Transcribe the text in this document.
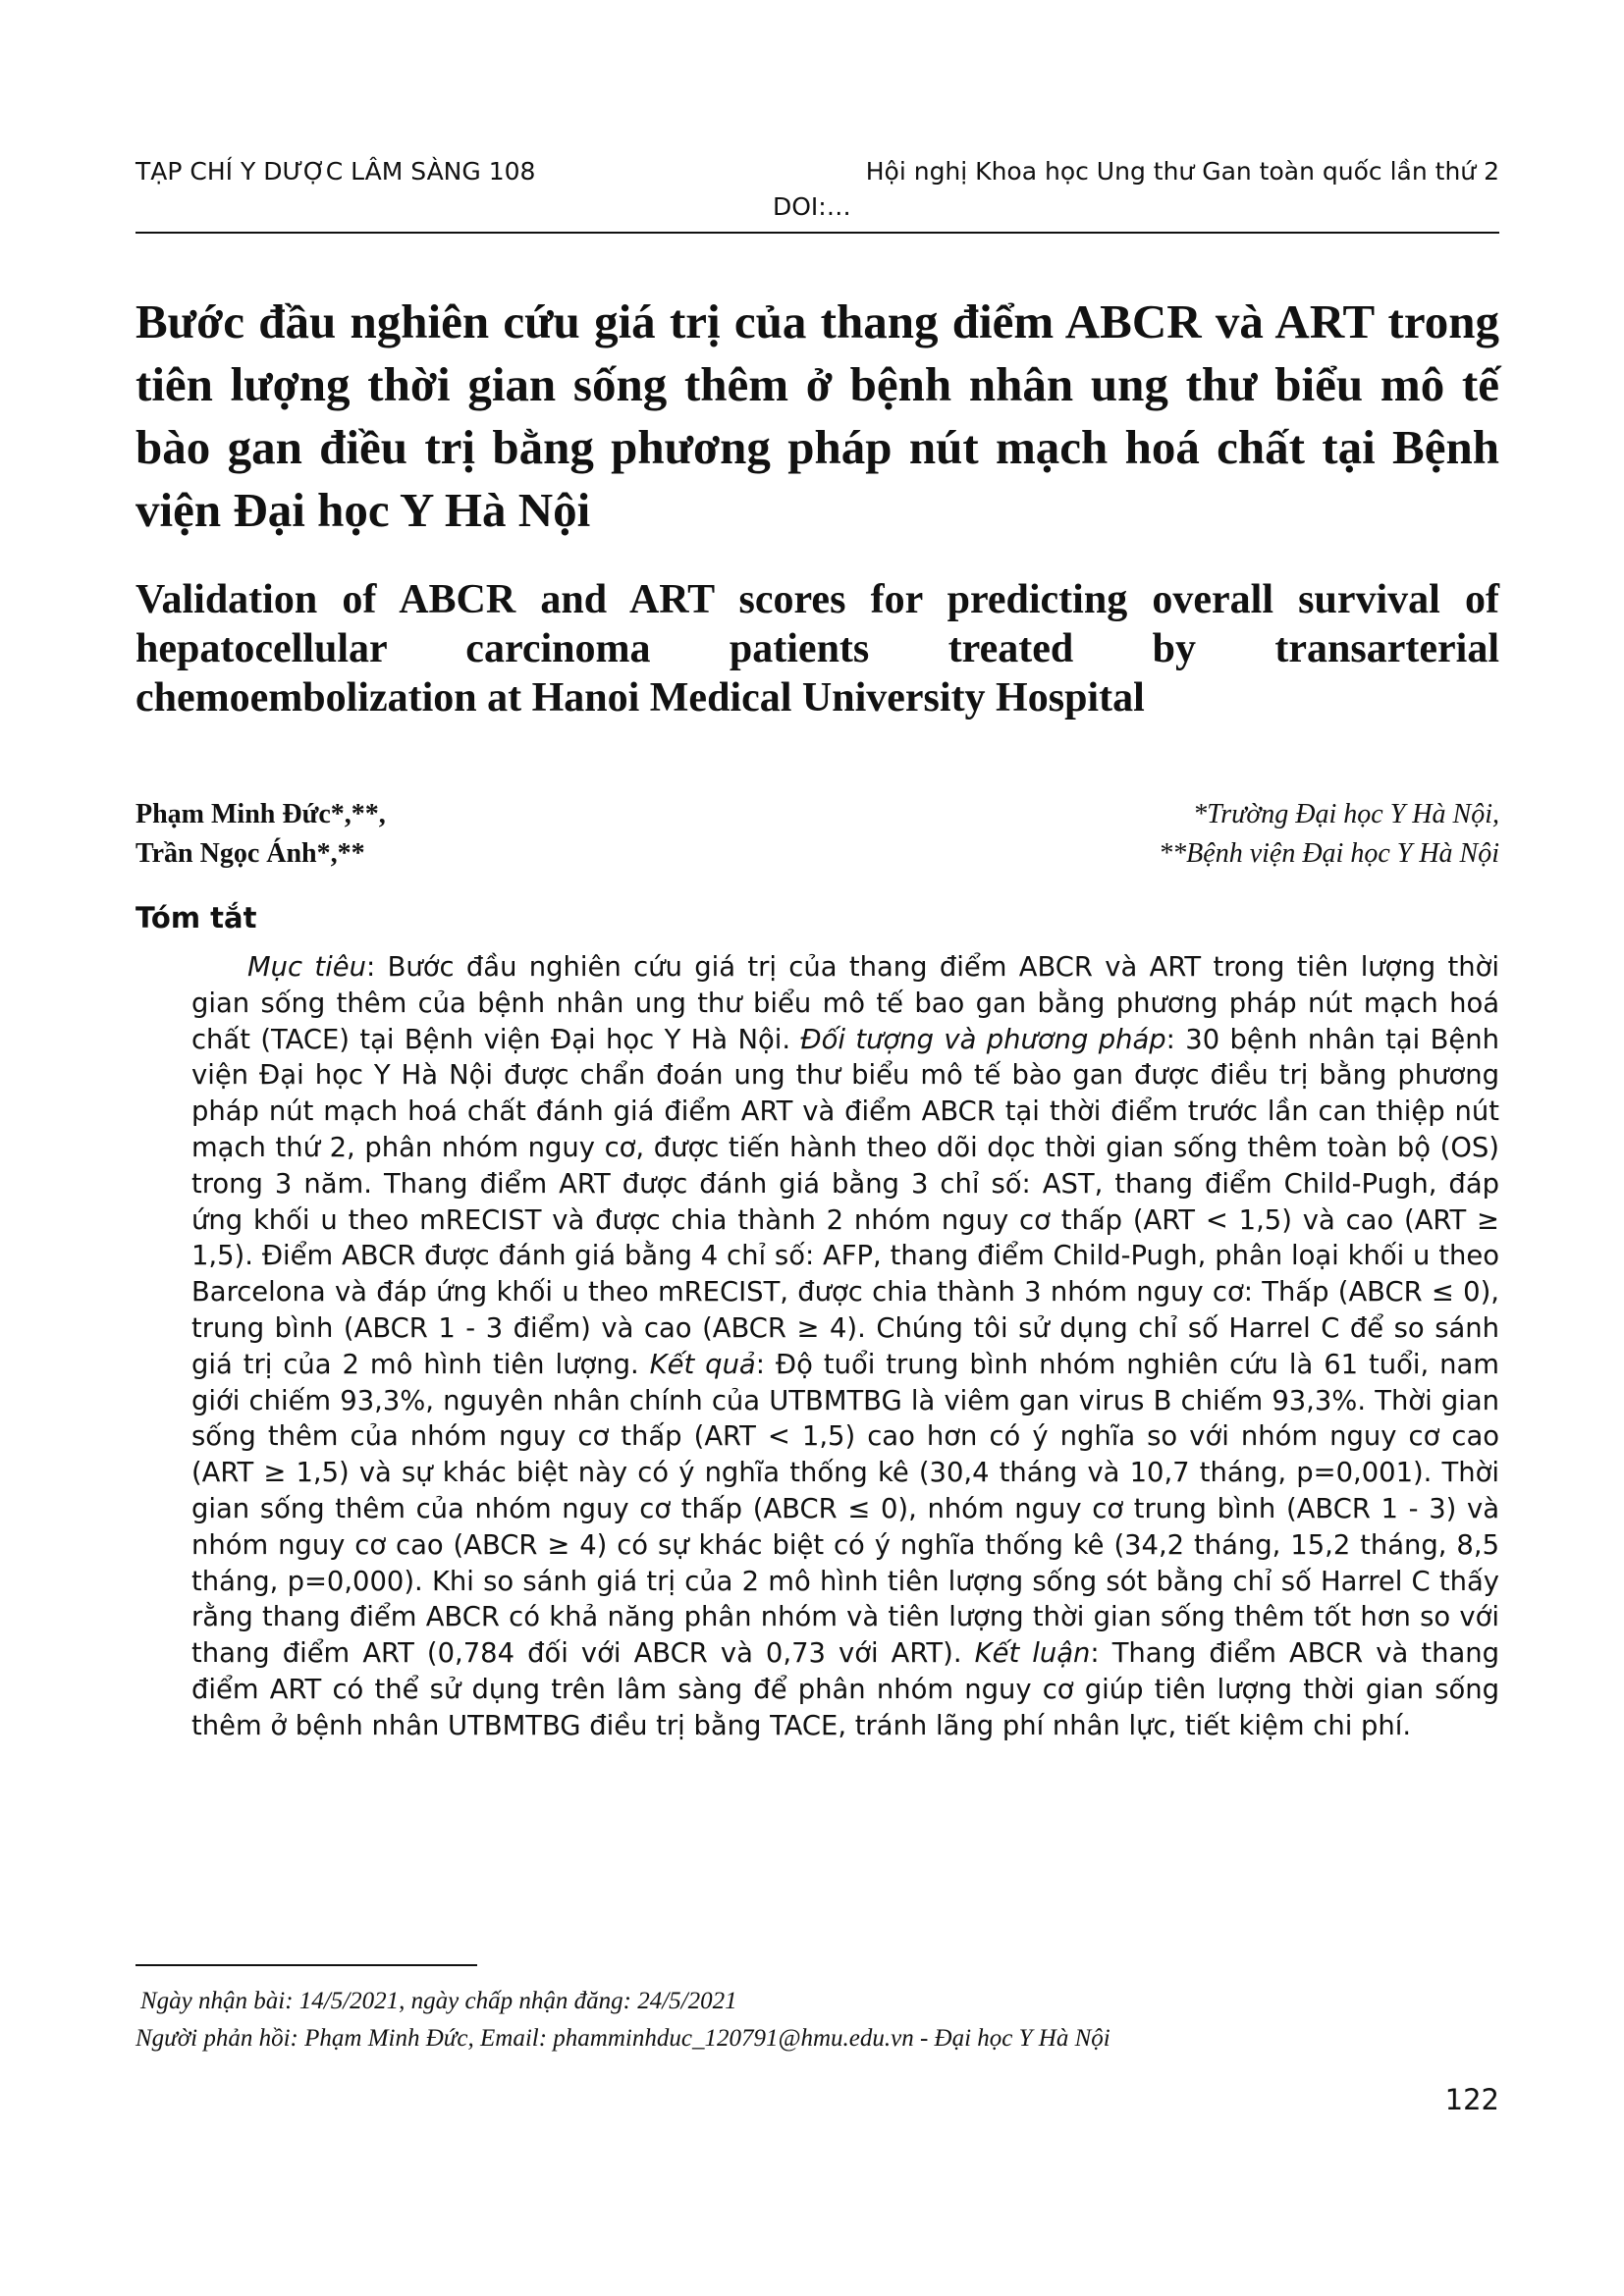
TẠP CHÍ Y DƯỢC LÂM SÀNG 108	Hội nghị Khoa học Ung thư Gan toàn quốc lần thứ 2
DOI:…
Bước đầu nghiên cứu giá trị của thang điểm ABCR và ART trong tiên lượng thời gian sống thêm ở bệnh nhân ung thư biểu mô tế bào gan điều trị bằng phương pháp nút mạch hoá chất tại Bệnh viện Đại học Y Hà Nội
Validation of ABCR and ART scores for predicting overall survival of hepatocellular carcinoma patients treated by transarterial chemoembolization at Hanoi Medical University Hospital
Phạm Minh Đức*,**,
Trần Ngọc Ánh*,**
*Trường Đại học Y Hà Nội,
**Bệnh viện Đại học Y Hà Nội
Tóm tắt

Mục tiêu: Bước đầu nghiên cứu giá trị của thang điểm ABCR và ART trong tiên lượng thời gian sống thêm của bệnh nhân ung thư biểu mô tế bao gan bằng phương pháp nút mạch hoá chất (TACE) tại Bệnh viện Đại học Y Hà Nội. Đối tượng và phương pháp: 30 bệnh nhân tại Bệnh viện Đại học Y Hà Nội được chẩn đoán ung thư biểu mô tế bào gan được điều trị bằng phương pháp nút mạch hoá chất đánh giá điểm ART và điểm ABCR tại thời điểm trước lần can thiệp nút mạch thứ 2, phân nhóm nguy cơ, được tiến hành theo dõi dọc thời gian sống thêm toàn bộ (OS) trong 3 năm. Thang điểm ART được đánh giá bằng 3 chỉ số: AST, thang điểm Child-Pugh, đáp ứng khối u theo mRECIST và được chia thành 2 nhóm nguy cơ thấp (ART < 1,5) và cao (ART ≥ 1,5). Điểm ABCR được đánh giá bằng 4 chỉ số: AFP, thang điểm Child-Pugh, phân loại khối u theo Barcelona và đáp ứng khối u theo mRECIST, được chia thành 3 nhóm nguy cơ: Thấp (ABCR ≤ 0), trung bình (ABCR 1 - 3 điểm) và cao (ABCR ≥ 4). Chúng tôi sử dụng chỉ số Harrel C để so sánh giá trị của 2 mô hình tiên lượng. Kết quả: Độ tuổi trung bình nhóm nghiên cứu là 61 tuổi, nam giới chiếm 93,3%, nguyên nhân chính của UTBMTBG là viêm gan virus B chiếm 93,3%. Thời gian sống thêm của nhóm nguy cơ thấp (ART < 1,5) cao hơn có ý nghĩa so với nhóm nguy cơ cao (ART ≥ 1,5) và sự khác biệt này có ý nghĩa thống kê (30,4 tháng và 10,7 tháng, p=0,001). Thời gian sống thêm của nhóm nguy cơ thấp (ABCR ≤ 0), nhóm nguy cơ trung bình (ABCR 1 - 3) và nhóm nguy cơ cao (ABCR ≥ 4) có sự khác biệt có ý nghĩa thống kê (34,2 tháng, 15,2 tháng, 8,5 tháng, p=0,000). Khi so sánh giá trị của 2 mô hình tiên lượng sống sót bằng chỉ số Harrel C thấy rằng thang điểm ABCR có khả năng phân nhóm và tiên lượng thời gian sống thêm tốt hơn so với thang điểm ART (0,784 đối với ABCR và 0,73 với ART). Kết luận: Thang điểm ABCR và thang điểm ART có thể sử dụng trên lâm sàng để phân nhóm nguy cơ giúp tiên lượng thời gian sống thêm ở bệnh nhân UTBMTBG điều trị bằng TACE, tránh lãng phí nhân lực, tiết kiệm chi phí.

Ngày nhận bài: 14/5/2021, ngày chấp nhận đăng: 24/5/2021
Người phản hồi: Phạm Minh Đức, Email: phamminhduc_120791@hmu.edu.vn - Đại học Y Hà Nội
122
